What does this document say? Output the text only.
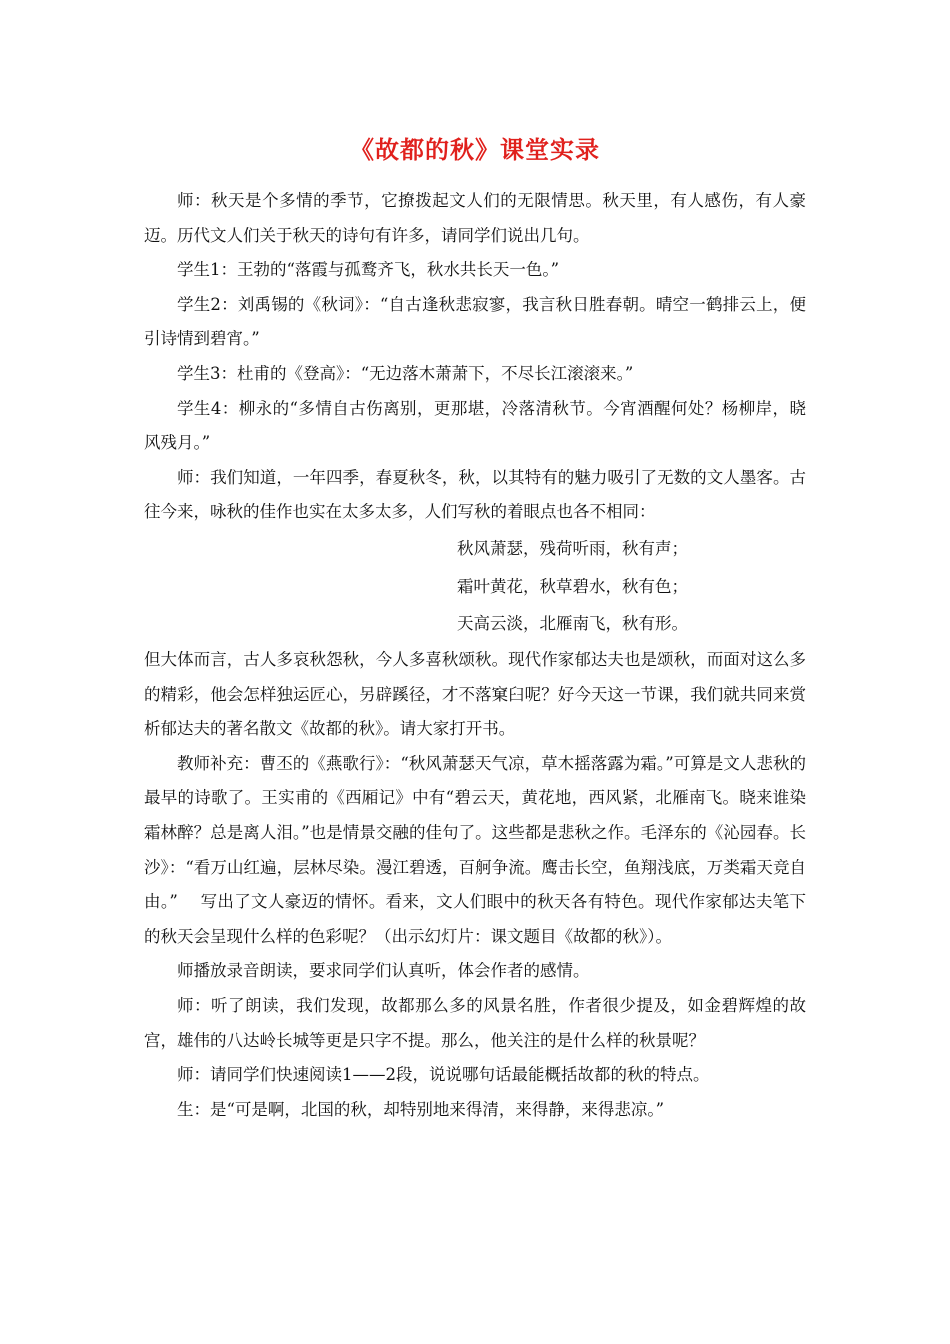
《故都的秋》课堂实录

师：秋天是个多情的季节，它撩拨起文人们的无限情思。秋天里，有人感伤，有人豪迈。历代文人们关于秋天的诗句有许多，请同学们说出几句。

学生1：王勃的“落霞与孤鹜齐飞，秋水共长天一色。”

学生2：刘禹锡的《秋词》：“自古逢秋悲寂寥，我言秋日胜春朝。晴空一鹤排云上，便引诗情到碧宵。”

学生3：杜甫的《登高》：“无边落木萧萧下，不尽长江滚滚来。”

学生4：柳永的“多情自古伤离别，更那堪，冷落清秋节。今宵酒醒何处？杨柳岸，晓风残月。”

师：我们知道，一年四季，春夏秋冬，秋，以其特有的魅力吸引了无数的文人墨客。古往今来，咏秋的佳作也实在太多太多，人们写秋的着眼点也各不相同：

秋风萧瑟，残荷听雨，秋有声；
霜叶黄花，秋草碧水，秋有色；
天高云淡，北雁南飞，秋有形。

但大体而言，古人多哀秋怨秋，今人多喜秋颂秋。现代作家郁达夫也是颂秋，而面对这么多的精彩，他会怎样独运匠心，另辟蹊径，才不落窠臼呢？好今天这一节课，我们就共同来赏析郁达夫的著名散文《故都的秋》。请大家打开书。

教师补充：曹丕的《燕歌行》：“秋风萧瑟天气凉，草木摇落露为霜。”可算是文人悲秋的最早的诗歌了。王实甫的《西厢记》中有“碧云天，黄花地，西风紧，北雁南飞。晓来谁染霜林醉？总是离人泪。”也是情景交融的佳句了。这些都是悲秋之作。毛泽东的《沁园春。长沙》：“看万山红遍，层林尽染。漫江碧透，百舸争流。鹰击长空，鱼翔浅底，万类霜天竞自由。”　 写出了文人豪迈的情怀。看来，文人们眼中的秋天各有特色。现代作家郁达夫笔下的秋天会呈现什么样的色彩呢？（出示幻灯片：课文题目《故都的秋》）。

师播放录音朗读，要求同学们认真听，体会作者的感情。

师：听了朗读，我们发现，故都那么多的风景名胜，作者很少提及，如金碧辉煌的故宫，雄伟的八达岭长城等更是只字不提。那么，他关注的是什么样的秋景呢？

师：请同学们快速阅读1——2段，说说哪句话最能概括故都的秋的特点。

生：是“可是啊，北国的秋，却特别地来得清，来得静，来得悲凉。”
